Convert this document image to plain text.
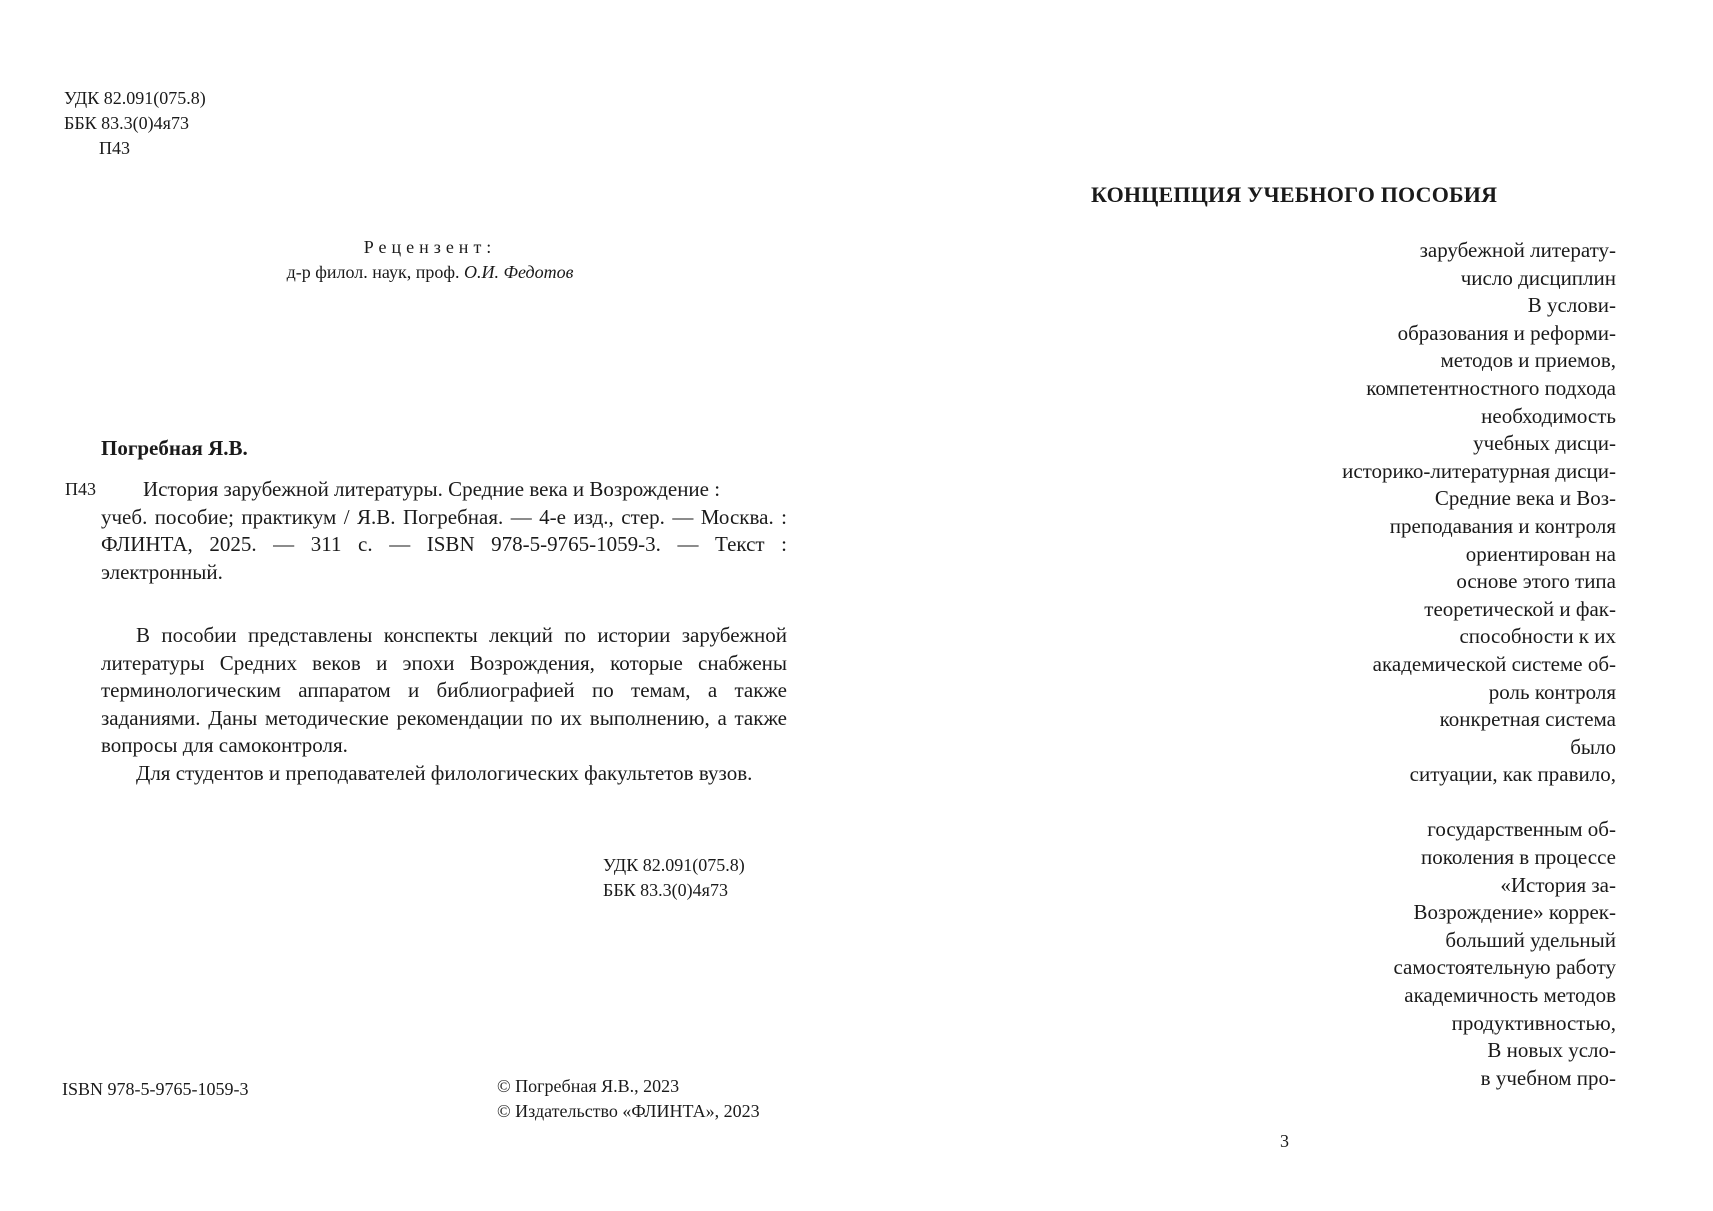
УДК 82.091(075.8)
ББК 83.3(0)4я73
П43
Рецензент:
д-р филол. наук, проф. О.И. Федотов
Погребная Я.В.
П43	История зарубежной литературы. Средние века и Возрождение :

учеб. пособие; практикум / Я.В. Погребная. — 4-е изд., стер. — Москва. : ФЛИНТА, 2025. — 311 с. — ISBN 978-5-9765-1059-3. — Текст : электронный.

В пособии представлены конспекты лекций по истории зарубежной литературы Средних веков и эпохи Возрождения, которые снабжены терминологическим аппаратом и библиографией по темам, а также заданиями. Даны методические рекомендации по их выполнению, а также вопросы для самоконтроля.

Для студентов и преподавателей филологических факультетов вузов.

УДК 82.091(075.8)
ББК 83.3(0)4я73
ISBN 978-5-9765-1059-3	© Погребная Я.В., 2023
© Издательство «ФЛИНТА», 2023
КОНЦЕПЦИЯ УЧЕБНОГО ПОСОБИЯ
зарубежной литерату-
число дисциплин
В услови-
образования и реформи-
методов и приемов,
компетентностного подхода
необходимость
учебных дисци-
историко-литературная дисци-
Средние века и Воз-
преподавания и контроля
ориентирован на
основе этого типа
теоретической и фак-
способности к их
академической системе об-
роль контроля
конкретная система
было
ситуации, как правило,
государственным об-
поколения в процессе
«История за-
Возрождение» коррек-
больший удельный
самостоятельную работу
академичность методов
продуктивностью,
В новых усло-
в учебном про-
3
